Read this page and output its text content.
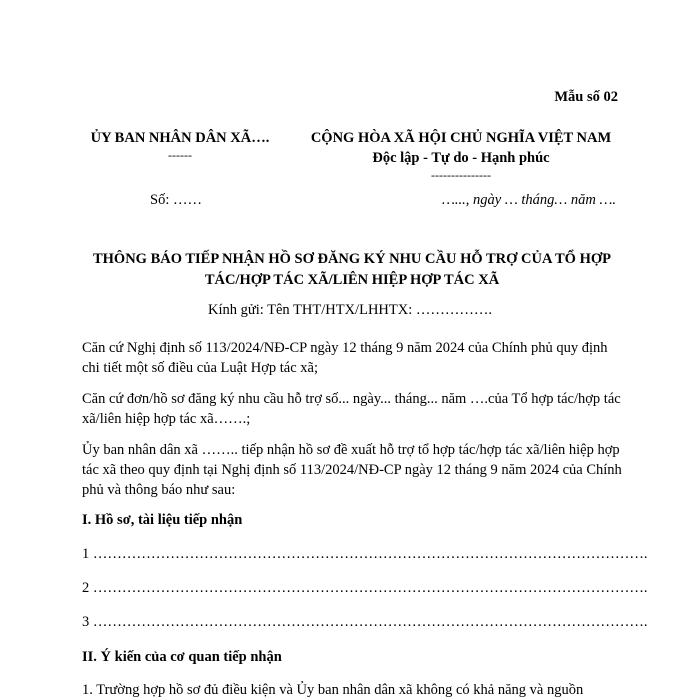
Mẫu số 02
ỦY BAN NHÂN DÂN XÃ….
------
CỘNG HÒA XÃ HỘI CHỦ NGHĨA VIỆT NAM
Độc lập - Tự do - Hạnh phúc
---------------
Số: ……	…..., ngày … tháng… năm ….
THÔNG BÁO TIẾP NHẬN HỒ SƠ ĐĂNG KÝ NHU CẦU HỖ TRỢ CỦA TỔ HỢP TÁC/HỢP TÁC XÃ/LIÊN HIỆP HỢP TÁC XÃ
Kính gửi: Tên THT/HTX/LHHTX: …………….
Căn cứ Nghị định số 113/2024/NĐ-CP ngày 12 tháng 9 năm 2024 của Chính phủ quy định chi tiết một số điều của Luật Hợp tác xã;
Căn cứ đơn/hồ sơ đăng ký nhu cầu hỗ trợ số... ngày... tháng... năm ….của Tổ hợp tác/hợp tác xã/liên hiệp hợp tác xã…….;
Ủy ban nhân dân xã …….. tiếp nhận hồ sơ đề xuất hỗ trợ tổ hợp tác/hợp tác xã/liên hiệp hợp tác xã theo quy định tại Nghị định số 113/2024/NĐ-CP ngày 12 tháng 9 năm 2024 của Chính phủ và thông báo như sau:
I. Hồ sơ, tài liệu tiếp nhận
1 …………………………………………………………………………………………………….
2 …………………………………………………………………………………………………….
3 …………………………………………………………………………………………………….
II. Ý kiến của cơ quan tiếp nhận
1. Trường hợp hồ sơ đủ điều kiện và Ủy ban nhân dân xã không có khả năng và nguồn
